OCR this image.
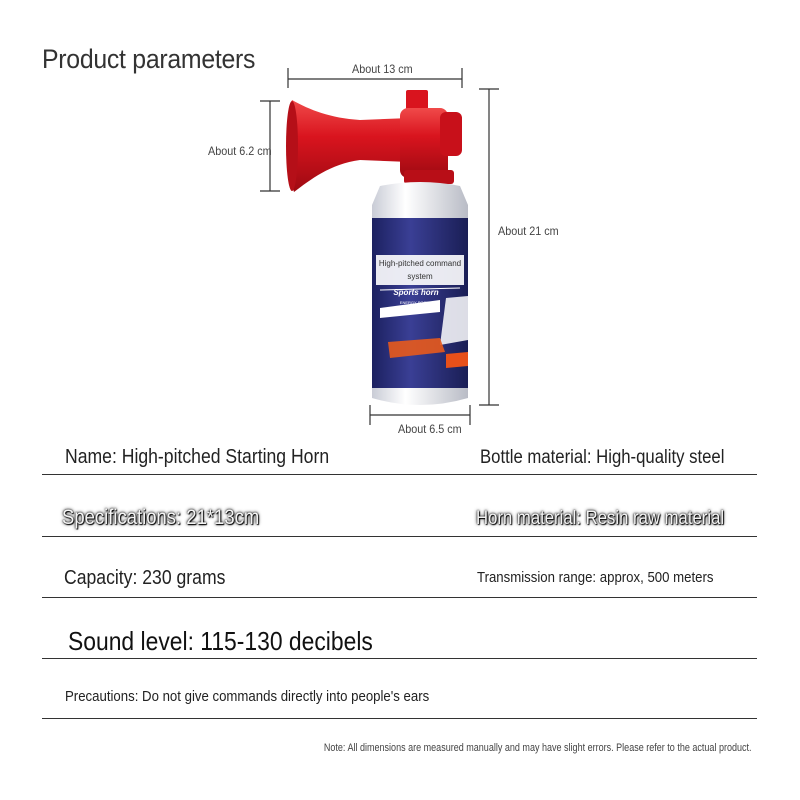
Product parameters
High-pitched command
system
Sports horn
ENERGY POSITIVE
About 13 cm
About 6.2 cm
About 21 cm
About 6.5 cm
Name: High-pitched Starting Horn	Bottle material: High-quality steel
Specifications: 21*13cm	Horn material: Resin raw material
Capacity: 230 grams	Transmission range: approx, 500 meters
Sound level: 115-130 decibels
Precautions: Do not give commands directly into people's ears
Note: All dimensions are measured manually and may have slight errors. Please refer to the actual product.
